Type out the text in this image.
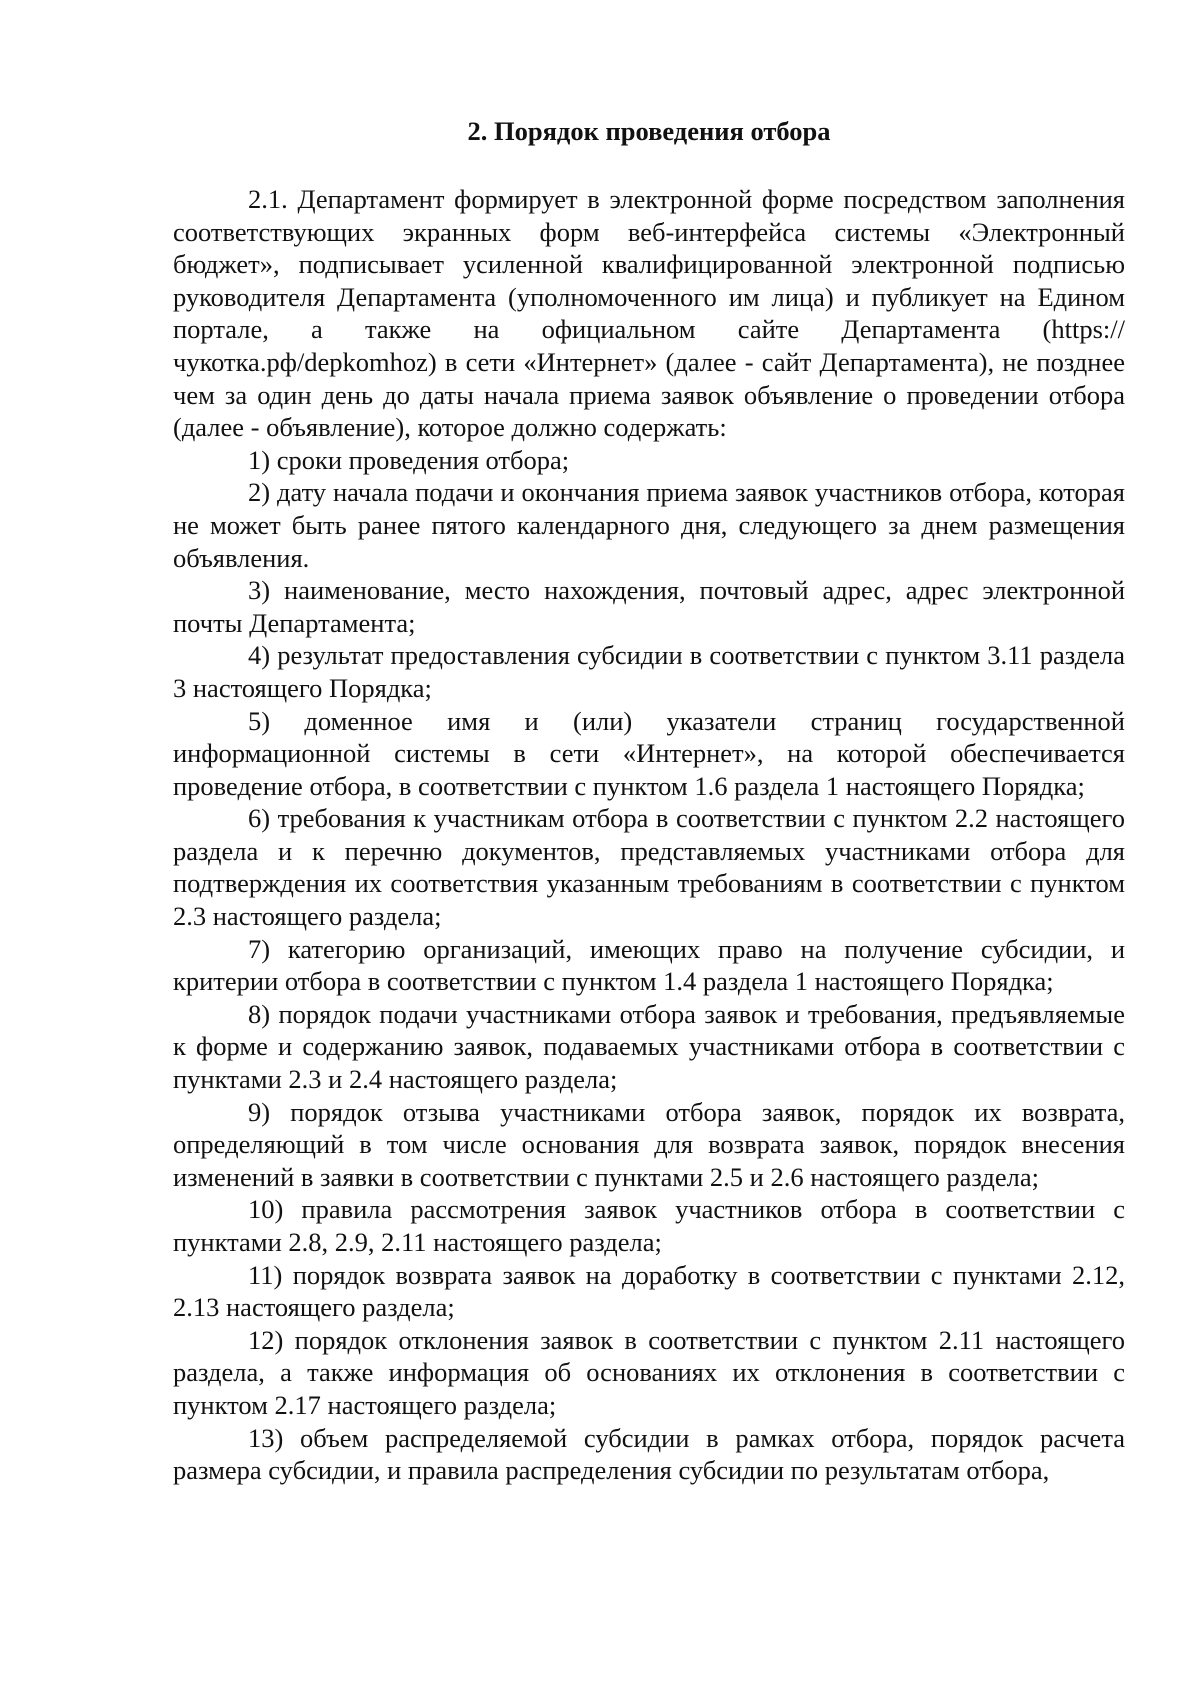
2. Порядок проведения отбора

2.1. Департамент формирует в электронной форме посредством заполнения соответствующих экранных форм веб-интерфейса системы «Электронный бюджет», подписывает усиленной квалифицированной электронной подписью руководителя Департамента (уполномоченного им лица) и публикует на Едином портале, а также на официальном сайте Департамента (https://чукотка.рф/depkomhoz) в сети «Интернет» (далее - сайт Департамента), не позднее чем за один день до даты начала приема заявок объявление о проведении отбора (далее - объявление), которое должно содержать:

1) сроки проведения отбора;

2) дату начала подачи и окончания приема заявок участников отбора, которая не может быть ранее пятого календарного дня, следующего за днем размещения объявления.

3) наименование, место нахождения, почтовый адрес, адрес электронной почты Департамента;

4) результат предоставления субсидии в соответствии с пунктом 3.11 раздела 3 настоящего Порядка;

5) доменное имя и (или) указатели страниц государственной информационной системы в сети «Интернет», на которой обеспечивается проведение отбора, в соответствии с пунктом 1.6 раздела 1 настоящего Порядка;

6) требования к участникам отбора в соответствии с пунктом 2.2 настоящего раздела и к перечню документов, представляемых участниками отбора для подтверждения их соответствия указанным требованиям в соответствии с пунктом 2.3 настоящего раздела;

7) категорию организаций, имеющих право на получение субсидии, и критерии отбора в соответствии с пунктом 1.4 раздела 1 настоящего Порядка;

8) порядок подачи участниками отбора заявок и требования, предъявляемые к форме и содержанию заявок, подаваемых участниками отбора в соответствии с пунктами 2.3 и 2.4 настоящего раздела;

9) порядок отзыва участниками отбора заявок, порядок их возврата, определяющий в том числе основания для возврата заявок, порядок внесения изменений в заявки в соответствии с пунктами 2.5 и 2.6 настоящего раздела;

10) правила рассмотрения заявок участников отбора в соответствии с пунктами 2.8, 2.9, 2.11 настоящего раздела;

11) порядок возврата заявок на доработку в соответствии с пунктами 2.12, 2.13 настоящего раздела;

12) порядок отклонения заявок в соответствии с пунктом 2.11 настоящего раздела, а также информация об основаниях их отклонения в соответствии с пунктом 2.17 настоящего раздела;

13) объем распределяемой субсидии в рамках отбора, порядок расчета размера субсидии, и правила распределения субсидии по результатам отбора,
